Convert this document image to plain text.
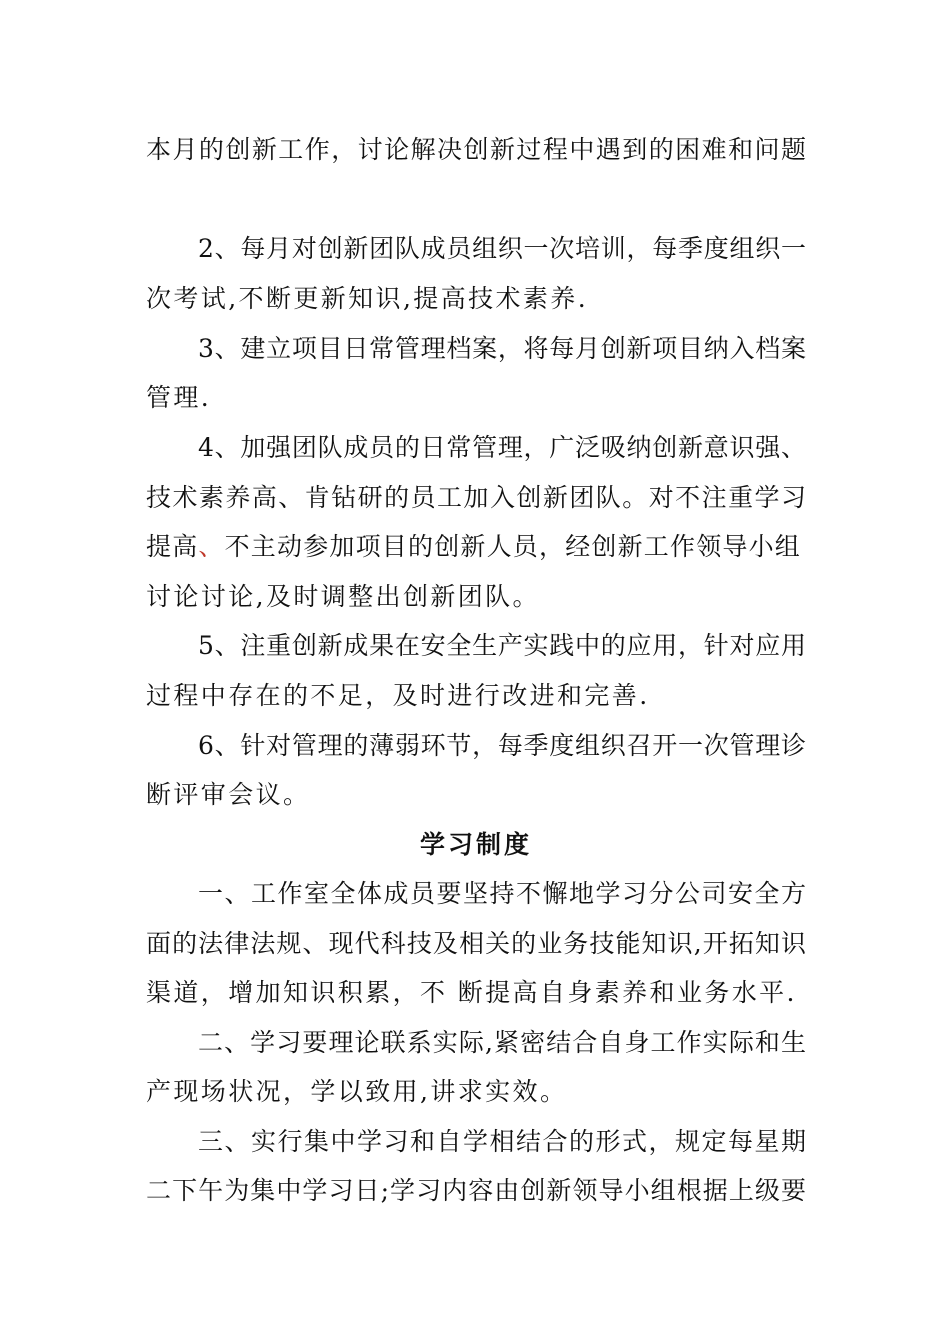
本月的创新工作，讨论解决创新过程中遇到的困难和问题
2、每月对创新团队成员组织一次培训，每季度组织一
次考试,不断更新知识,提高技术素养.
3、建立项目日常管理档案，将每月创新项目纳入档案
管理.
4、加强团队成员的日常管理，广泛吸纳创新意识强、
技术素养高、肯钻研的员工加入创新团队。对不注重学习
提高、不主动参加项目的创新人员，经创新工作领导小组
讨论讨论,及时调整出创新团队。
5、注重创新成果在安全生产实践中的应用，针对应用
过程中存在的不足，及时进行改进和完善.
6、针对管理的薄弱环节，每季度组织召开一次管理诊
断评审会议。
学习制度
一、工作室全体成员要坚持不懈地学习分公司安全方
面的法律法规、现代科技及相关的业务技能知识,开拓知识
渠道，增加知识积累，不 断提高自身素养和业务水平.
二、学习要理论联系实际,紧密结合自身工作实际和生
产现场状况，学以致用,讲求实效。
三、实行集中学习和自学相结合的形式，规定每星期
二下午为集中学习日;学习内容由创新领导小组根据上级要
